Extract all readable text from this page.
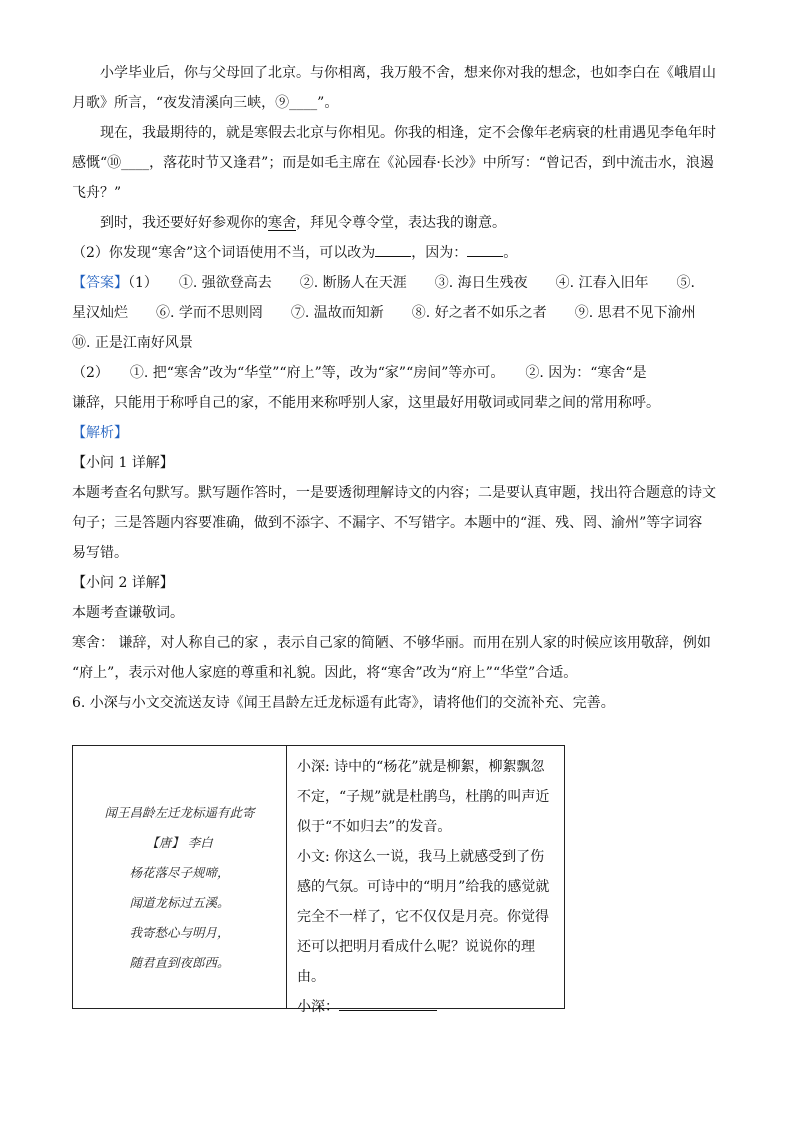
小学毕业后，你与父母回了北京。与你相离，我万般不舍，想来你对我的想念，也如李白在《峨眉山

月歌》所言，“夜发清溪向三峡，⑨____”。

现在，我最期待的，就是寒假去北京与你相见。你我的相逢，定不会像年老病衰的杜甫遇见李龟年时

感慨“⑩____，落花时节又逢君”；而是如毛主席在《沁园春·长沙》中所写：“曾记否，到中流击水，浪遏

飞舟？”

到时，我还要好好参观你的寒舍，拜见令尊令堂，表达我的谢意。

（2）你发现“寒舍”这个词语使用不当，可以改为	，因为：	。

【答案】（1）　　①. 强欲登高去　　②. 断肠人在天涯　　③. 海日生残夜　　④. 江春入旧年　　⑤.

星汉灿烂　　⑥. 学而不思则罔　　⑦. 温故而知新　　⑧. 好之者不如乐之者　　⑨. 思君不见下渝州

⑩. 正是江南好风景

（2）　　①. 把“寒舍”改为“华堂”“府上”等，改为“家”“房间”等亦可。　　②. 因为：“寒舍“是

谦辞，只能用于称呼自己的家，不能用来称呼别人家，这里最好用敬词或同辈之间的常用称呼。

【解析】

【小问 1 详解】

本题考查名句默写。默写题作答时，一是要透彻理解诗文的内容；二是要认真审题，找出符合题意的诗文

句子；三是答题内容要准确，做到不添字、不漏字、不写错字。本题中的“涯、残、罔、渝州”等字词容

易写错。

【小问 2 详解】

本题考查谦敬词。

寒舍： 谦辞，对人称自己的家 ，表示自己家的简陋、不够华丽。而用在别人家的时候应该用敬辞，例如

“府上”，表示对他人家庭的尊重和礼貌。因此，将“寒舍”改为“府上”“华堂”合适。

6. 小深与小文交流送友诗《闻王昌龄左迁龙标遥有此寄》，请将他们的交流补充、完善。

闻王昌龄左迁龙标遥有此寄

【唐】 李白

杨花落尽子规啼，

闻道龙标过五溪。

我寄愁心与明月，

随君直到夜郎西。

小深: 诗中的“杨花”就是柳絮，柳絮飘忽不定，“子规”就是杜鹃鸟，杜鹃的叫声近似于“不如归去”的发音。

小文: 你这么一说，我马上就感受到了伤感的气氛。可诗中的“明月”给我的感觉就完全不一样了，它不仅仅是月亮。你觉得还可以把明月看成什么呢？说说你的理由。

小深：
